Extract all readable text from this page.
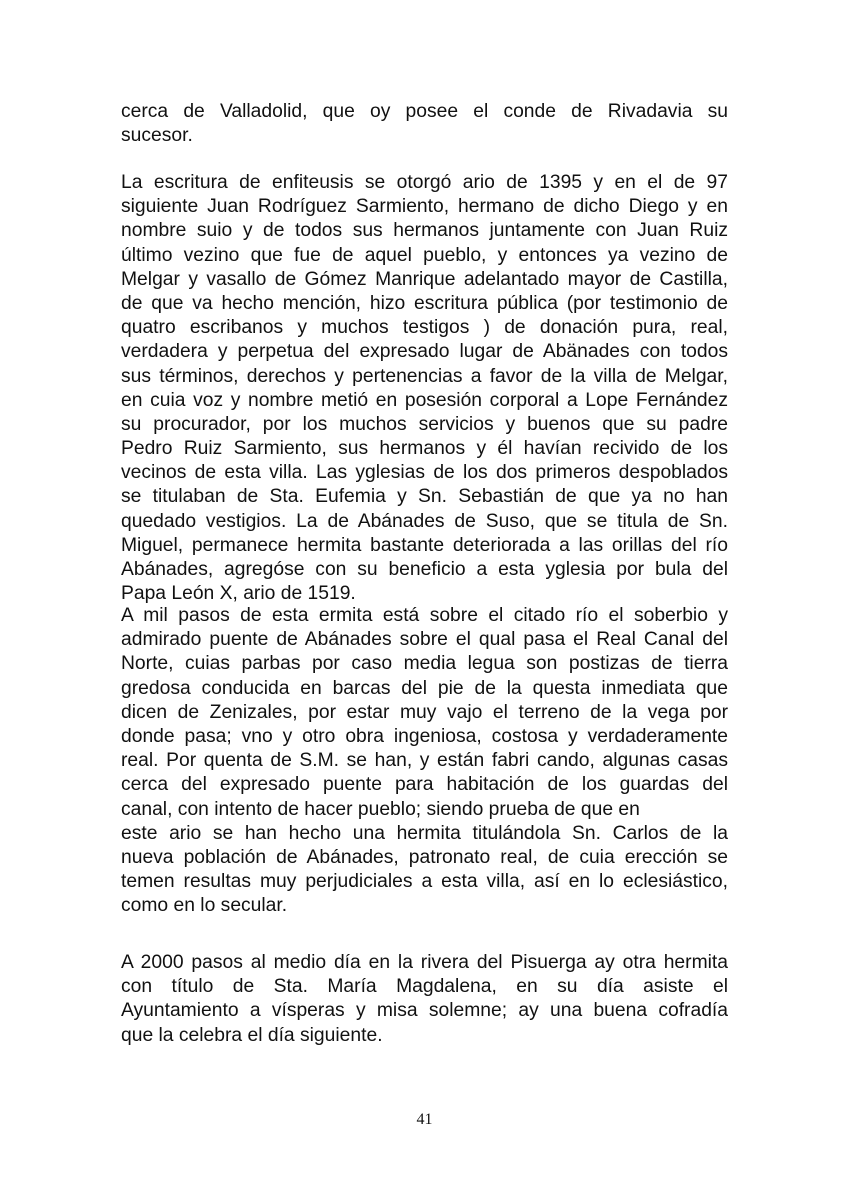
cerca de Valladolid, que oy posee el conde de Rivadavia su
sucesor.
La escritura de enfiteusis se otorgó ario de 1395 y en el de 97
siguiente Juan Rodríguez Sarmiento, hermano de dicho Diego y en
nombre suio y de todos sus hermanos juntamente con Juan Ruiz
último vezino que fue de aquel pueblo, y entonces ya vezino de
Melgar y vasallo de Gómez Manrique adelantado mayor de Castilla,
de que va hecho mención, hizo escritura pública (por testimonio de
quatro escribanos y muchos testigos ) de donación pura, real,
verdadera y perpetua del expresado lugar de Abänades con todos
sus términos, derechos y pertenencias a favor de la villa de Melgar,
en cuia voz y nombre metió en posesión corporal a Lope Fernández
su procurador, por los muchos servicios y buenos que su padre
Pedro Ruiz Sarmiento, sus hermanos y él havían recivido de los
vecinos de esta villa. Las yglesias de los dos primeros despoblados
se titulaban de Sta. Eufemia y Sn. Sebastián de que ya no han
quedado vestigios. La de Abánades de Suso, que se titula de Sn.
Miguel, permanece hermita bastante deteriorada a las orillas del río
Abánades, agregóse con su beneficio a esta yglesia por bula del
Papa León X, ario de 1519.
A mil pasos de esta ermita está sobre el citado río el soberbio y
admirado puente de Abánades sobre el qual pasa el Real Canal del
Norte, cuias parbas por caso media legua son postizas de tierra
gredosa conducida en barcas del pie de la questa inmediata que
dicen de Zenizales, por estar muy vajo el terreno de la vega por
donde pasa; vno y otro obra ingeniosa, costosa y verdaderamente
real. Por quenta de S.M. se han, y están fabri cando, algunas casas
cerca del expresado puente para habitación de los guardas del
canal, con intento de hacer pueblo; siendo prueba de que en
este ario se han hecho una hermita titulándola Sn. Carlos de la
nueva población de Abánades, patronato real, de cuia erección se
temen resultas muy perjudiciales a esta villa, así en lo eclesiástico,
como en lo secular.
A 2000 pasos al medio día en la rivera del Pisuerga ay otra hermita
con título de Sta. María Magdalena, en su día asiste el
Ayuntamiento a vísperas y misa solemne; ay una buena cofradía
que la celebra el día siguiente.
41
